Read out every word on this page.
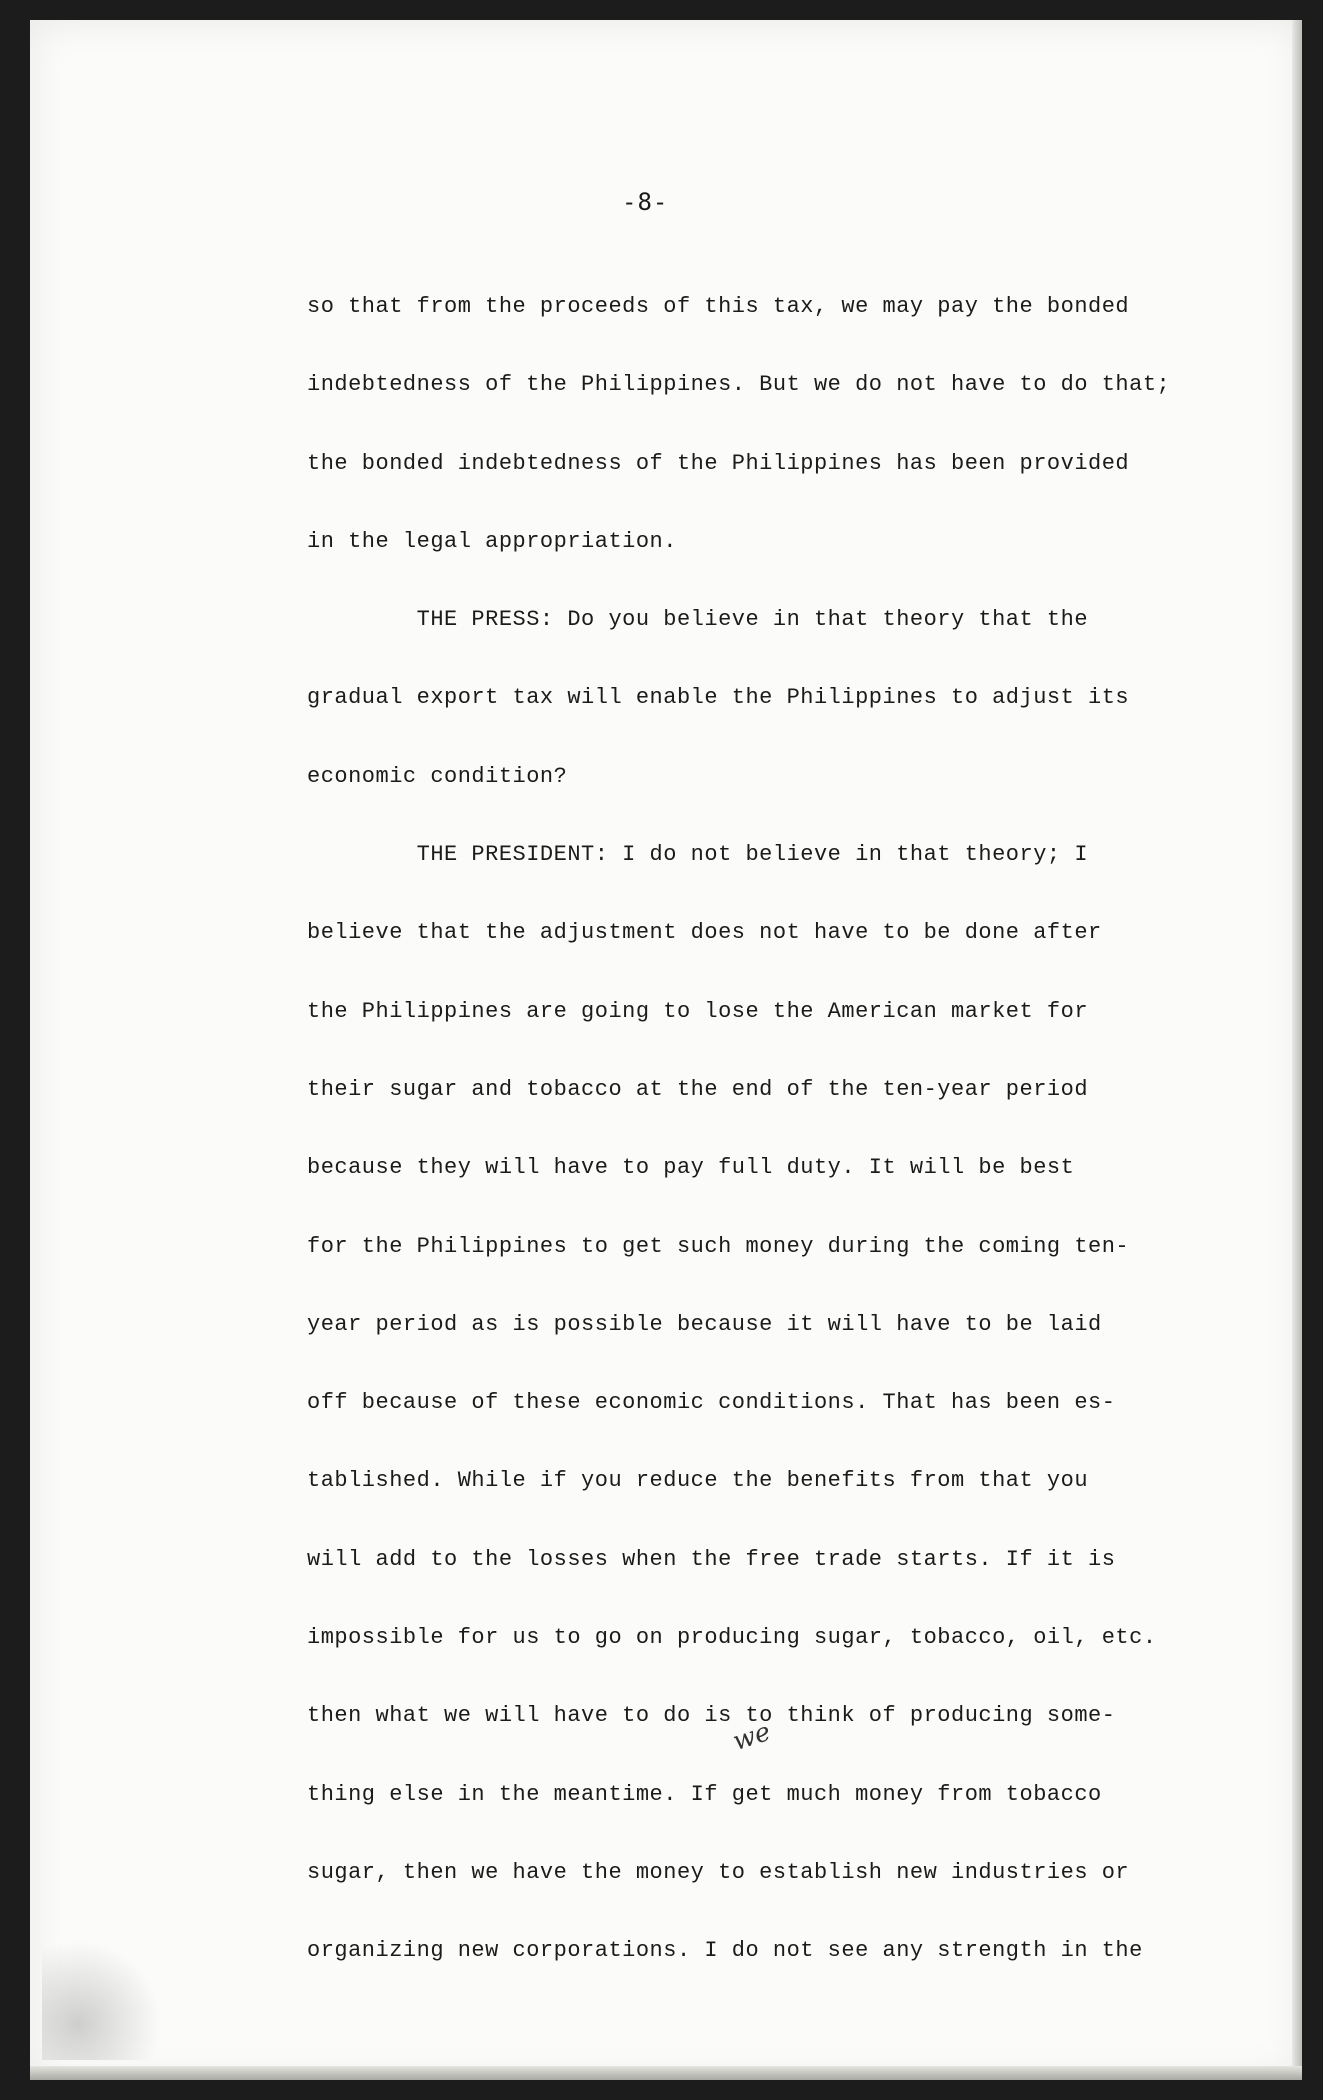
-8-
so that from the proceeds of this tax, we may pay the bonded
indebtedness of the Philippines. But we do not have to do that;
the bonded indebtedness of the Philippines has been provided
in the legal appropriation.
THE PRESS: Do you believe in that theory that the
gradual export tax will enable the Philippines to adjust its
economic condition?
THE PRESIDENT: I do not believe in that theory; I
believe that the adjustment does not have to be done after
the Philippines are going to lose the American market for
their sugar and tobacco at the end of the ten-year period
because they will have to pay full duty. It will be best
for the Philippines to get such money during the coming ten-
year period as is possible because it will have to be laid
off because of these economic conditions. That has been es-
tablished. While if you reduce the benefits from that you
will add to the losses when the free trade starts. If it is
impossible for us to go on producing sugar, tobacco, oil, etc.
then what we will have to do is to think of producing some-
thing else in the meantime. If get much money from tobacco
sugar, then we have the money to establish new industries or
organizing new corporations. I do not see any strength in the
we
